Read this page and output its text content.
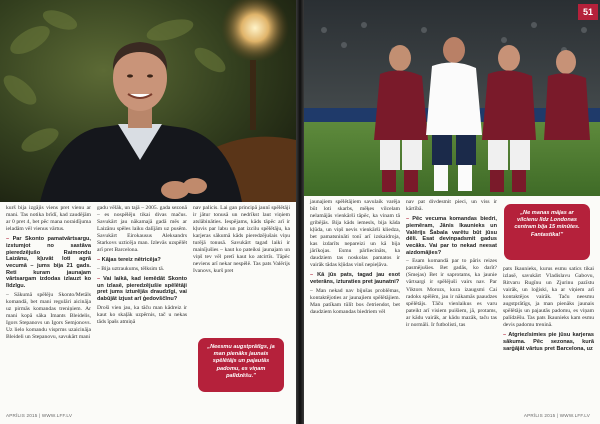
kurš bija izgājis viens pret vienu ar mani. Tas notika brīdī, kad zaudējām ar 0 pret 4, bet pēc mana noraidījuma ieladām vēl vienus vārtus.

– Par Skonto pamatvārtsargu, izstumjot no sastāva pieredzējušo Raimondu Laizānu, kļuvāt loti agrā vecumā – jums bija 21 gads. Reti kuram jaunajam vārtsargam izdodas izlauzt ko līdzīgu.

– Sākumā spēlēju Skonto/Metāls komandā, bet mani regulāri aicināja uz pirmās komandas treniņiem. Ar mani kopā sāka Imants Bleidelis, Igors Stepanovs un Igors Semjonovs. Uz lielo komandu visprms uzaicināja Bleideli un Stepanovu, savukārt mani

gadu vēlāk, un tajā – 2005. gada sezonā – es nospēlēju tikai divas mačus. Savukārt jau nākamajā gadā mēs ar Laizānu spēles laiku dalījām uz pusēm. Savukārt Eirokausus Aleksandrs Starkovs uzticēja man. Izlevās uzspēlēt arī pret Barcelona.

– Kājas tereiz nētricēja?

– Bija uztraukums, tēlksim tā.

– Vai laikā, kad iemēdāt Skonto un izlasē, pieredzējušie spēlētāji pret jums izturējās draudzīgi, vai dabūjāt izjust arī ģedovščīnu?

Droši vien jau, ka tāču man kādreiz ir kaut ko skaļāk uzpērnis, tač u nekas tāds īpašs atmiņā

nav palicis. Lai gan principā jaunī spēlētāji ir jātur tonusā un nedrīkst laut viņiem atslābināties. Iespējams, kāds tāpēc arī ir kļuvis par labu un pat izcilu spēlētāju, ka karjeras sākumā kāds pieredzējušais viņu turējā tonusā. Savukārt tagad laiki ir mainījušies – kaut ko pateiksi jaunajam un viņš tev vēl pretī kaut ko atcirtīs. Tāpēc neviens arī nekar nespēlē. Tas pats Valērijs Ivanovs, kurš pret

„Neesmu augstprātīgs, ja man pienāks jaunais spēlētājs un pajautās padomu, es viņam palīdzēšu.”
APRĪLIS 2015 | WWW.LFF.LV
51

jaunajiem spēlētājiem savulaik varēja būt loti skarbs, mēķes vilcelam nelamājās vienkārši tāpēc, ka vinam tā gribējās. Bija kāds iemesls, bija kāda kļūda, un viņš nevis vienkārši kliedza, bet pamatsnināti tonī arī izskaidroja, kas izdarīts nepareizi un kā bija jārīkojas. Esmu pārliecināts, ka daudziem tas noskolas pamatos ir vairāk tādas kļūdas vinš nepieļāva.

– Kā jūs pats, tagad jau esot veterāns, izturaties pret jaunatni?

– Man nekad nav bijušas problēmas, kontaktējoties ar jaunajiem spēlētājiem. Man patīkam tūlīt bos četriendot, bet daudziem komandas biedriem vēl

nav pat divdesmit pieci, un viss ir kārtībā.

– Pēc vecuma komandas biedri, piemēram, Jānis Ikaunieks un Valērijs Šabala varētu būt jūsu dēli. Esat devinpadsmit gadus vecāks. Vai par to nekad neesat aizdomājies?

– Esam komandā par to pāris reizes pasmējušies. Bet gadās, ko darīt? (Smejas) Bet ir saprotams, ka jaunie vārtsargi ir spēlējuši vairs nav. Par Viktors Morozs, kura izaugsmi Cai radoks spēlēm, jau ir nākamās paaudzes spēlētājs. Tāču vienlaikus es varu pateikt arī visiem puišiem, jā, protams, ar kādu vairāk, ar kādu mazāk, taču tas ir normāli. Ir futbolisti, tas

„Ne manas mājas ar vilcienu līdz Londonas centram bija 15 minūtes. Fantastika!”

pats Ikaunieks, kurus esmu satics tikai izlasē, savukārt Vladislavu Gabovu, Ritvaru Rugīnu un Zjurinu pazīstu vairāk, un loģiski, ka ar viņiem arī kontaktējos vairāk. Taču neesmu augstprātīgs, ja man pienāks jaunais spēlētājs un pajautās padomu, es viņam palīdzēšu. Tas pats Ikaunieks kam esmu devis padomu treninā.

– Atgriezīsimies pie jūsu karjeras sākuma. Pēc sezonas, kurā sarģājāt vārtus pret Barcelona, uz

APRĪLIS 2015 | WWW.LFF.LV
